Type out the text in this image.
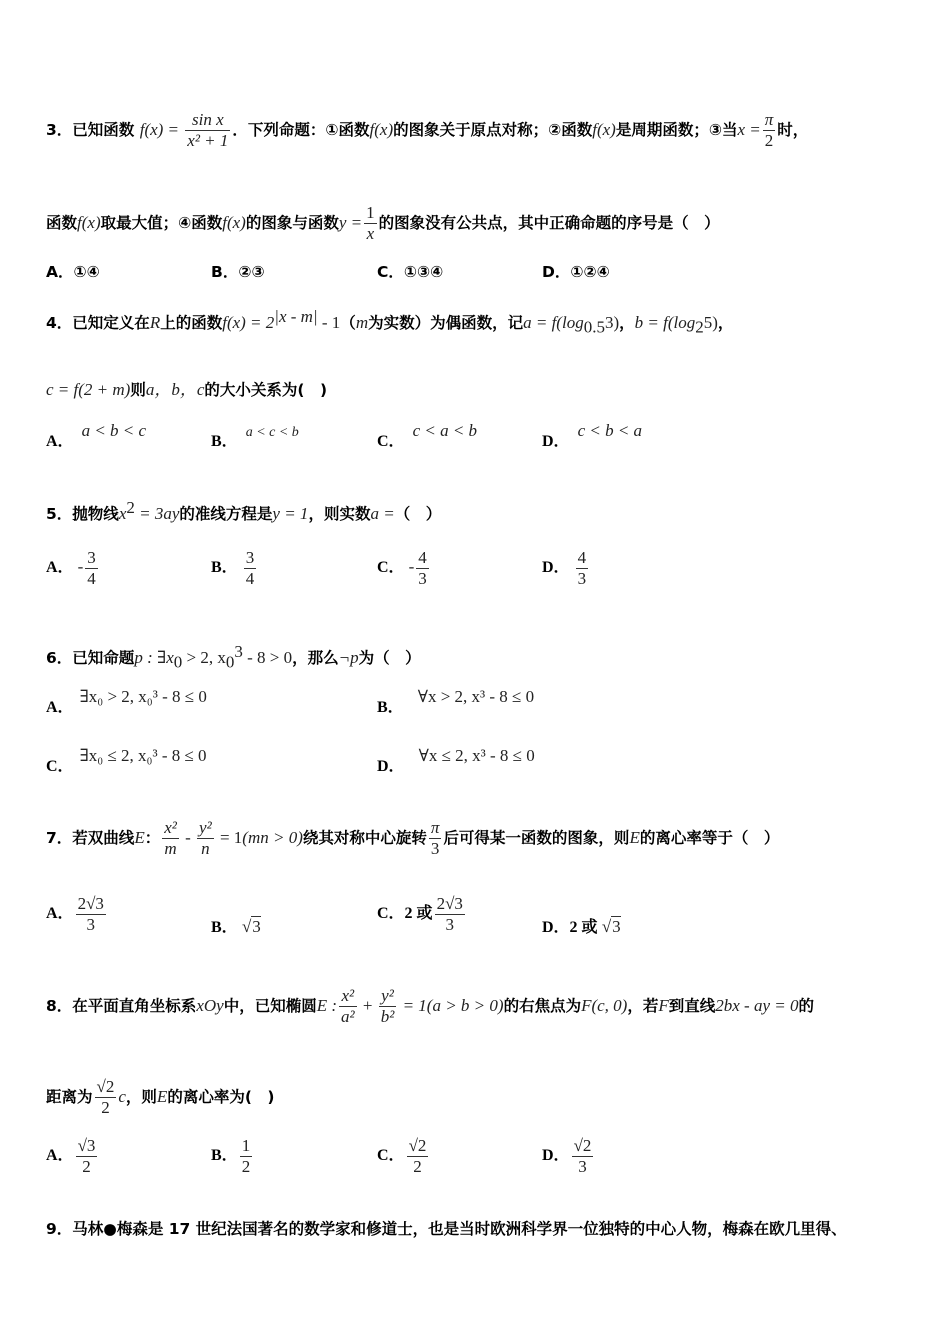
3．已知函数 $f(x) = \frac{\text{sin x}}{\text{x² + 1}}$ ．下列命题：①函数f(x)的图象关于原点对称；②函数f(x)是周期函数；③当$x = \frac{\pi}{2}$ 时，
函数f(x)取最大值；④函数f(x)的图象与函数$y = \frac{1}{x}$ 的图象没有公共点，其中正确命题的序号是（　）
A．①④	B．②③	C．①③④	D．①②④
4．已知定义在R上的函数$f(x) = 2^{|x - m|} - 1(m$为实数）为偶函数，记$a = f(\log_{0.5}3)$，$b = f(\log_25)$，
c = f(2 + m)则a，b，c的大小关系为(　)
A．a < b < c
B．a < c < b
C．c < a < b
D．c < b < a
5．抛物线$x^2 = 3ay$的准线方程是y = 1，则实数a =（　）
A． - $\frac{3}{4}$	B． $\frac{3}{4}$	C． - $\frac{4}{3}$	D． $\frac{4}{3}$
6．已知命题p : $\exists x_0 > 2$, $x_0^3 - 8 > 0$，那么¬p为（　）
A．∃x₀ > 2, x₀³ - 8 ≤ 0
B．∀x > 2, x³ - 8 ≤ 0
C．∃x₀ ≤ 2, x₀³ - 8 ≤ 0
D．∀x ≤ 2, x³ - 8 ≤ 0
7．若双曲线E： $\frac{\text{x²}}{m} - \frac{\text{y²}}{n} = 1(mn > 0)$绕其对称中心旋转 $\frac{\pi}{3}$ 后可得某一函数的图象，则E的离心率等于（　）
A． $\frac{2√3}{3}$	B． √3
C．2 或 $\frac{2√3}{3}$	D．2 或 √3
8．在平面直角坐标系xOy中，已知椭圆E : $\frac{\text{x²}}{\text{a²}} + \frac{\text{y²}}{\text{b²}} = 1(a > b > 0)$的右焦点为F(c, 0)，若F到直线2bx - ay = 0的
距离为 $\frac{√2}{2}$ c，则E的离心率为(　)
A． $\frac{√3}{2}$	B． $\frac{1}{2}$	C． $\frac{√2}{2}$	D． $\frac{√2}{3}$
9．马林●梅森是 17 世纪法国著名的数学家和修道士，也是当时欧洲科学界一位独特的中心人物，梅森在欧几里得、
